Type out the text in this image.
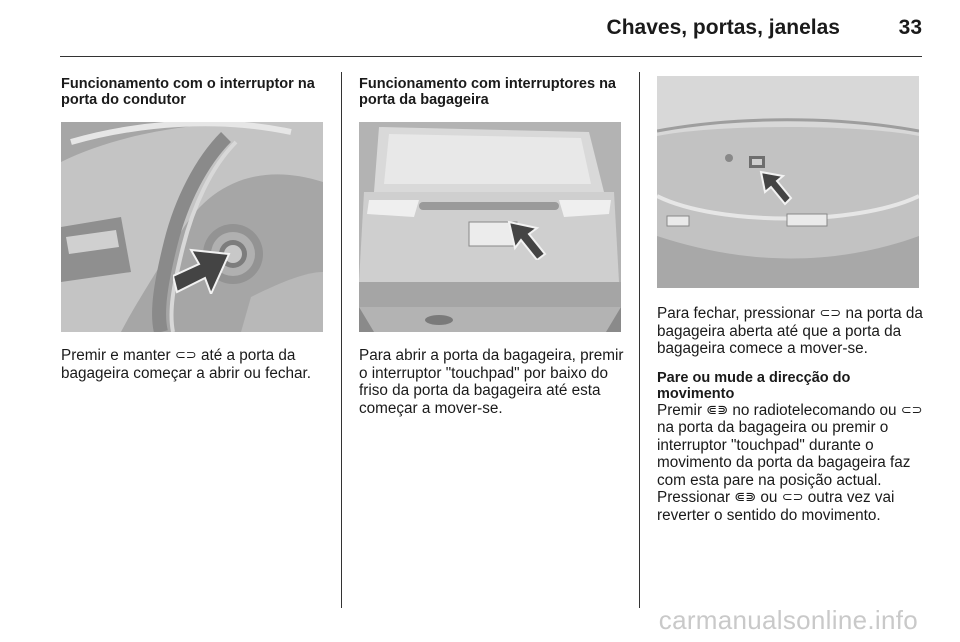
Chaves, portas, janelas	33
Funcionamento com o interruptor na porta do condutor

Premir e manter ⊂⊃ até a porta da bagageira começar a abrir ou fechar.

Funcionamento com interruptores na porta da bagageira

Para abrir a porta da bagageira, premir o interruptor "touchpad" por baixo do friso da porta da bagageira até esta começar a mover-se.

Para fechar, pressionar ⊂⊃ na porta da bagageira aberta até que a porta da bagageira comece a mover-se.

Pare ou mude a direcção do movimento

Premir ⋐⋑ no radiotelecomando ou ⊂⊃ na porta da bagageira ou premir o interruptor "touchpad" durante o movimento da porta da bagageira faz com esta pare na posição actual. Pressionar ⋐⋑ ou ⊂⊃ outra vez vai reverter o sentido do movimento.

carmanualsonline.info
